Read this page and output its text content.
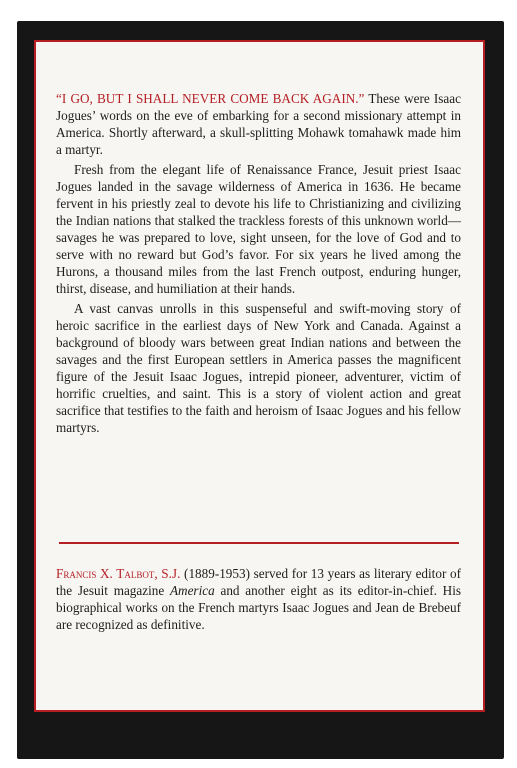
“I GO, BUT I SHALL NEVER COME BACK AGAIN.” These were Isaac Jogues’ words on the eve of embarking for a second missionary attempt in America. Shortly afterward, a skull-splitting Mohawk tomahawk made him a martyr.

Fresh from the elegant life of Renaissance France, Jesuit priest Isaac Jogues landed in the savage wilderness of America in 1636. He became fervent in his priestly zeal to devote his life to Christianizing and civilizing the Indian nations that stalked the trackless forests of this unknown world—savages he was prepared to love, sight unseen, for the love of God and to serve with no reward but God’s favor. For six years he lived among the Hurons, a thousand miles from the last French outpost, enduring hunger, thirst, disease, and humiliation at their hands.

A vast canvas unrolls in this suspenseful and swift-moving story of heroic sacrifice in the earliest days of New York and Canada. Against a background of bloody wars between great Indian nations and between the savages and the first European settlers in America passes the magnificent figure of the Jesuit Isaac Jogues, intrepid pioneer, adventurer, victim of horrific cruelties, and saint. This is a story of violent action and great sacrifice that testifies to the faith and heroism of Isaac Jogues and his fellow martyrs.

Francis X. Talbot, S.J. (1889-1953) served for 13 years as literary editor of the Jesuit magazine America and another eight as its editor-in-chief. His biographical works on the French martyrs Isaac Jogues and Jean de Brebeuf are recognized as definitive.
